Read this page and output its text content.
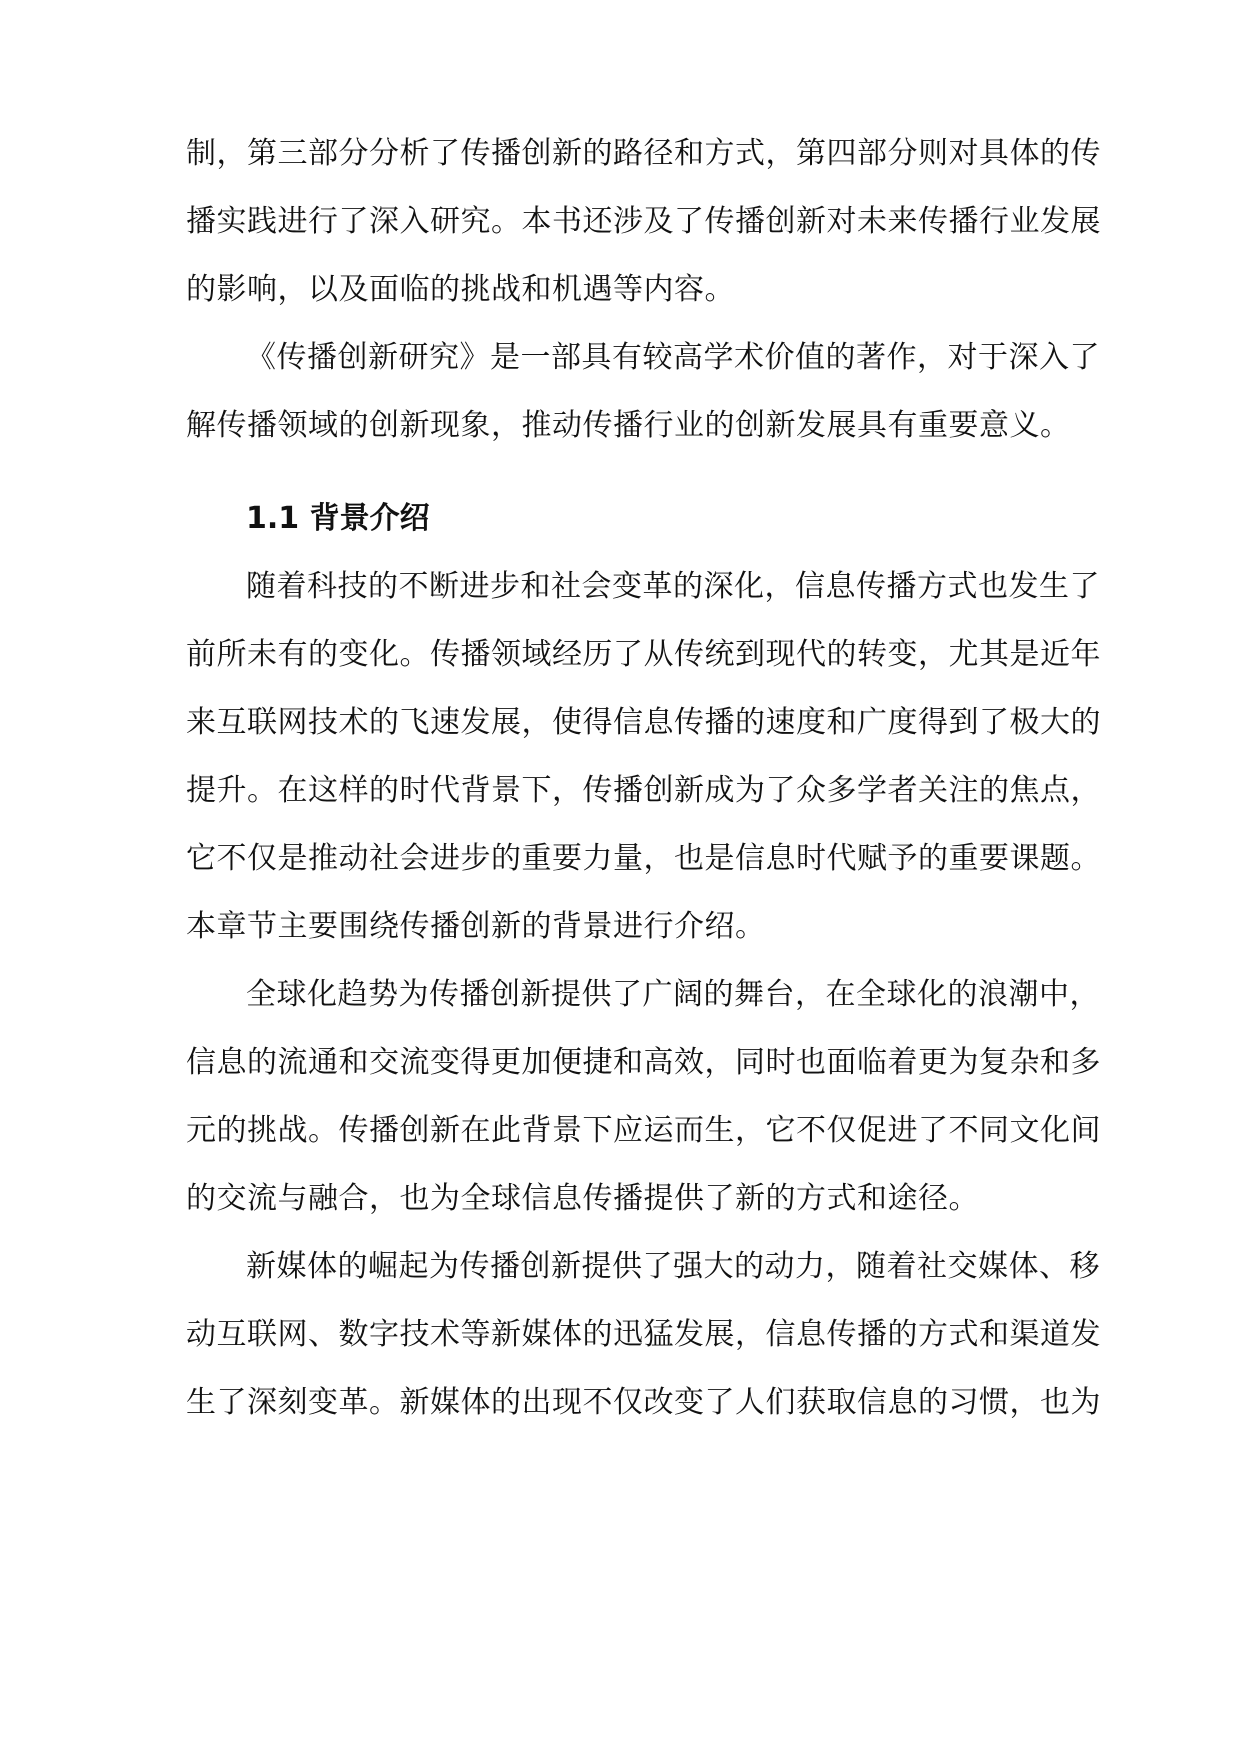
制，第三部分分析了传播创新的路径和方式，第四部分则对具体的传
播实践进行了深入研究。本书还涉及了传播创新对未来传播行业发展
的影响，以及面临的挑战和机遇等内容。
《传播创新研究》是一部具有较高学术价值的著作，对于深入了
解传播领域的创新现象，推动传播行业的创新发展具有重要意义。
1.1 背景介绍
随着科技的不断进步和社会变革的深化，信息传播方式也发生了
前所未有的变化。传播领域经历了从传统到现代的转变，尤其是近年
来互联网技术的飞速发展，使得信息传播的速度和广度得到了极大的
提升。在这样的时代背景下，传播创新成为了众多学者关注的焦点，
它不仅是推动社会进步的重要力量，也是信息时代赋予的重要课题。
本章节主要围绕传播创新的背景进行介绍。
全球化趋势为传播创新提供了广阔的舞台，在全球化的浪潮中，
信息的流通和交流变得更加便捷和高效，同时也面临着更为复杂和多
元的挑战。传播创新在此背景下应运而生，它不仅促进了不同文化间
的交流与融合，也为全球信息传播提供了新的方式和途径。
新媒体的崛起为传播创新提供了强大的动力，随着社交媒体、移
动互联网、数字技术等新媒体的迅猛发展，信息传播的方式和渠道发
生了深刻变革。新媒体的出现不仅改变了人们获取信息的习惯，也为
